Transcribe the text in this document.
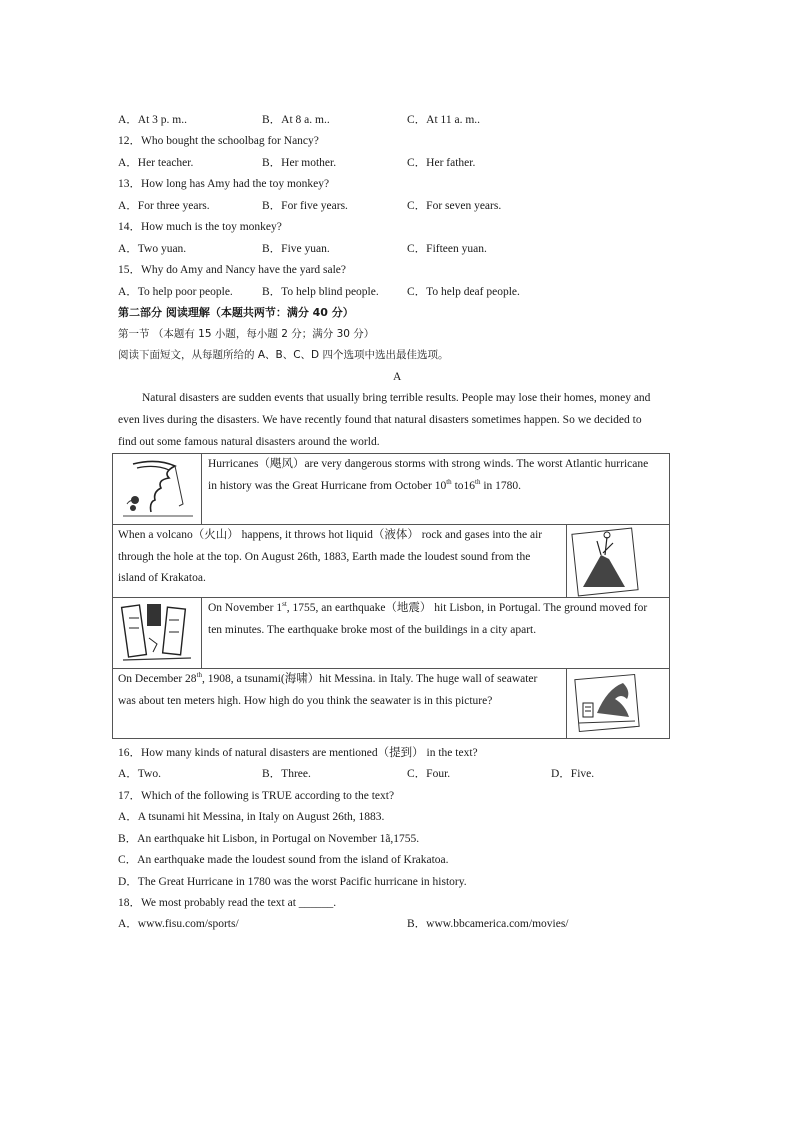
A．At 3 p. m..	B．At 8 a. m..	C．At 11 a. m..
12．Who bought the schoolbag for Nancy?
A．Her teacher.	B．Her mother.	C．Her father.
13．How long has Amy had the toy monkey?
A．For three years.	B．For five years.	C．For seven years.
14．How much is the toy monkey?
A．Two yuan.	B．Five yuan.	C．Fifteen yuan.
15．Why do Amy and Nancy have the yard sale?
A．To help poor people.	B．To help blind people. C．To help deaf people.
第二部分 阅读理解（本题共两节：满分 40 分）
第一节 （本题有 15 小题，每小题 2 分；满分 30 分）
阅读下面短文，从每题所给的 A、B、C、D 四个选项中选出最佳选项。
A
Natural disasters are sudden events that usually bring terrible results. People may lose their homes, money and
even lives during the disasters. We have recently found that natural disasters sometimes happen. So we decided to
find out some famous natural disasters around the world.
Hurricanes（飓风）are very dangerous storms with strong winds. The worst Atlantic hurricane
in history was the Great Hurricane from October 10th to16th in 1780.
When a volcano（火山） happens, it throws hot liquid（液体） rock and gases into the air
through the hole at the top. On August 26th, 1883, Earth made the loudest sound from the
island of Krakatoa.
On November 1st, 1755, an earthquake（地震） hit Lisbon, in Portugal. The ground moved for
ten minutes. The earthquake broke most of the buildings in a city apart.
On December 28th, 1908, a tsunami(海啸）hit Messina. in Italy. The huge wall of seawater
was about ten meters high. How high do you think the seawater is in this picture?
16．How many kinds of natural disasters are mentioned（提到） in the text?
A．Two.	B．Three.	C．Four.	D．Five.
17．Which of the following is TRUE according to the text?
A．A tsunami hit Messina, in Italy on August 26th, 1883.
B．An earthquake hit Lisbon, in Portugal on November 1ã,1755.
C．An earthquake made the loudest sound from the island of Krakatoa.
D．The Great Hurricane in 1780 was the worst Pacific hurricane in history.
18．We most probably read the text at ______.
A．www.fisu.com/sports/	B．www.bbcamerica.com/movies/
